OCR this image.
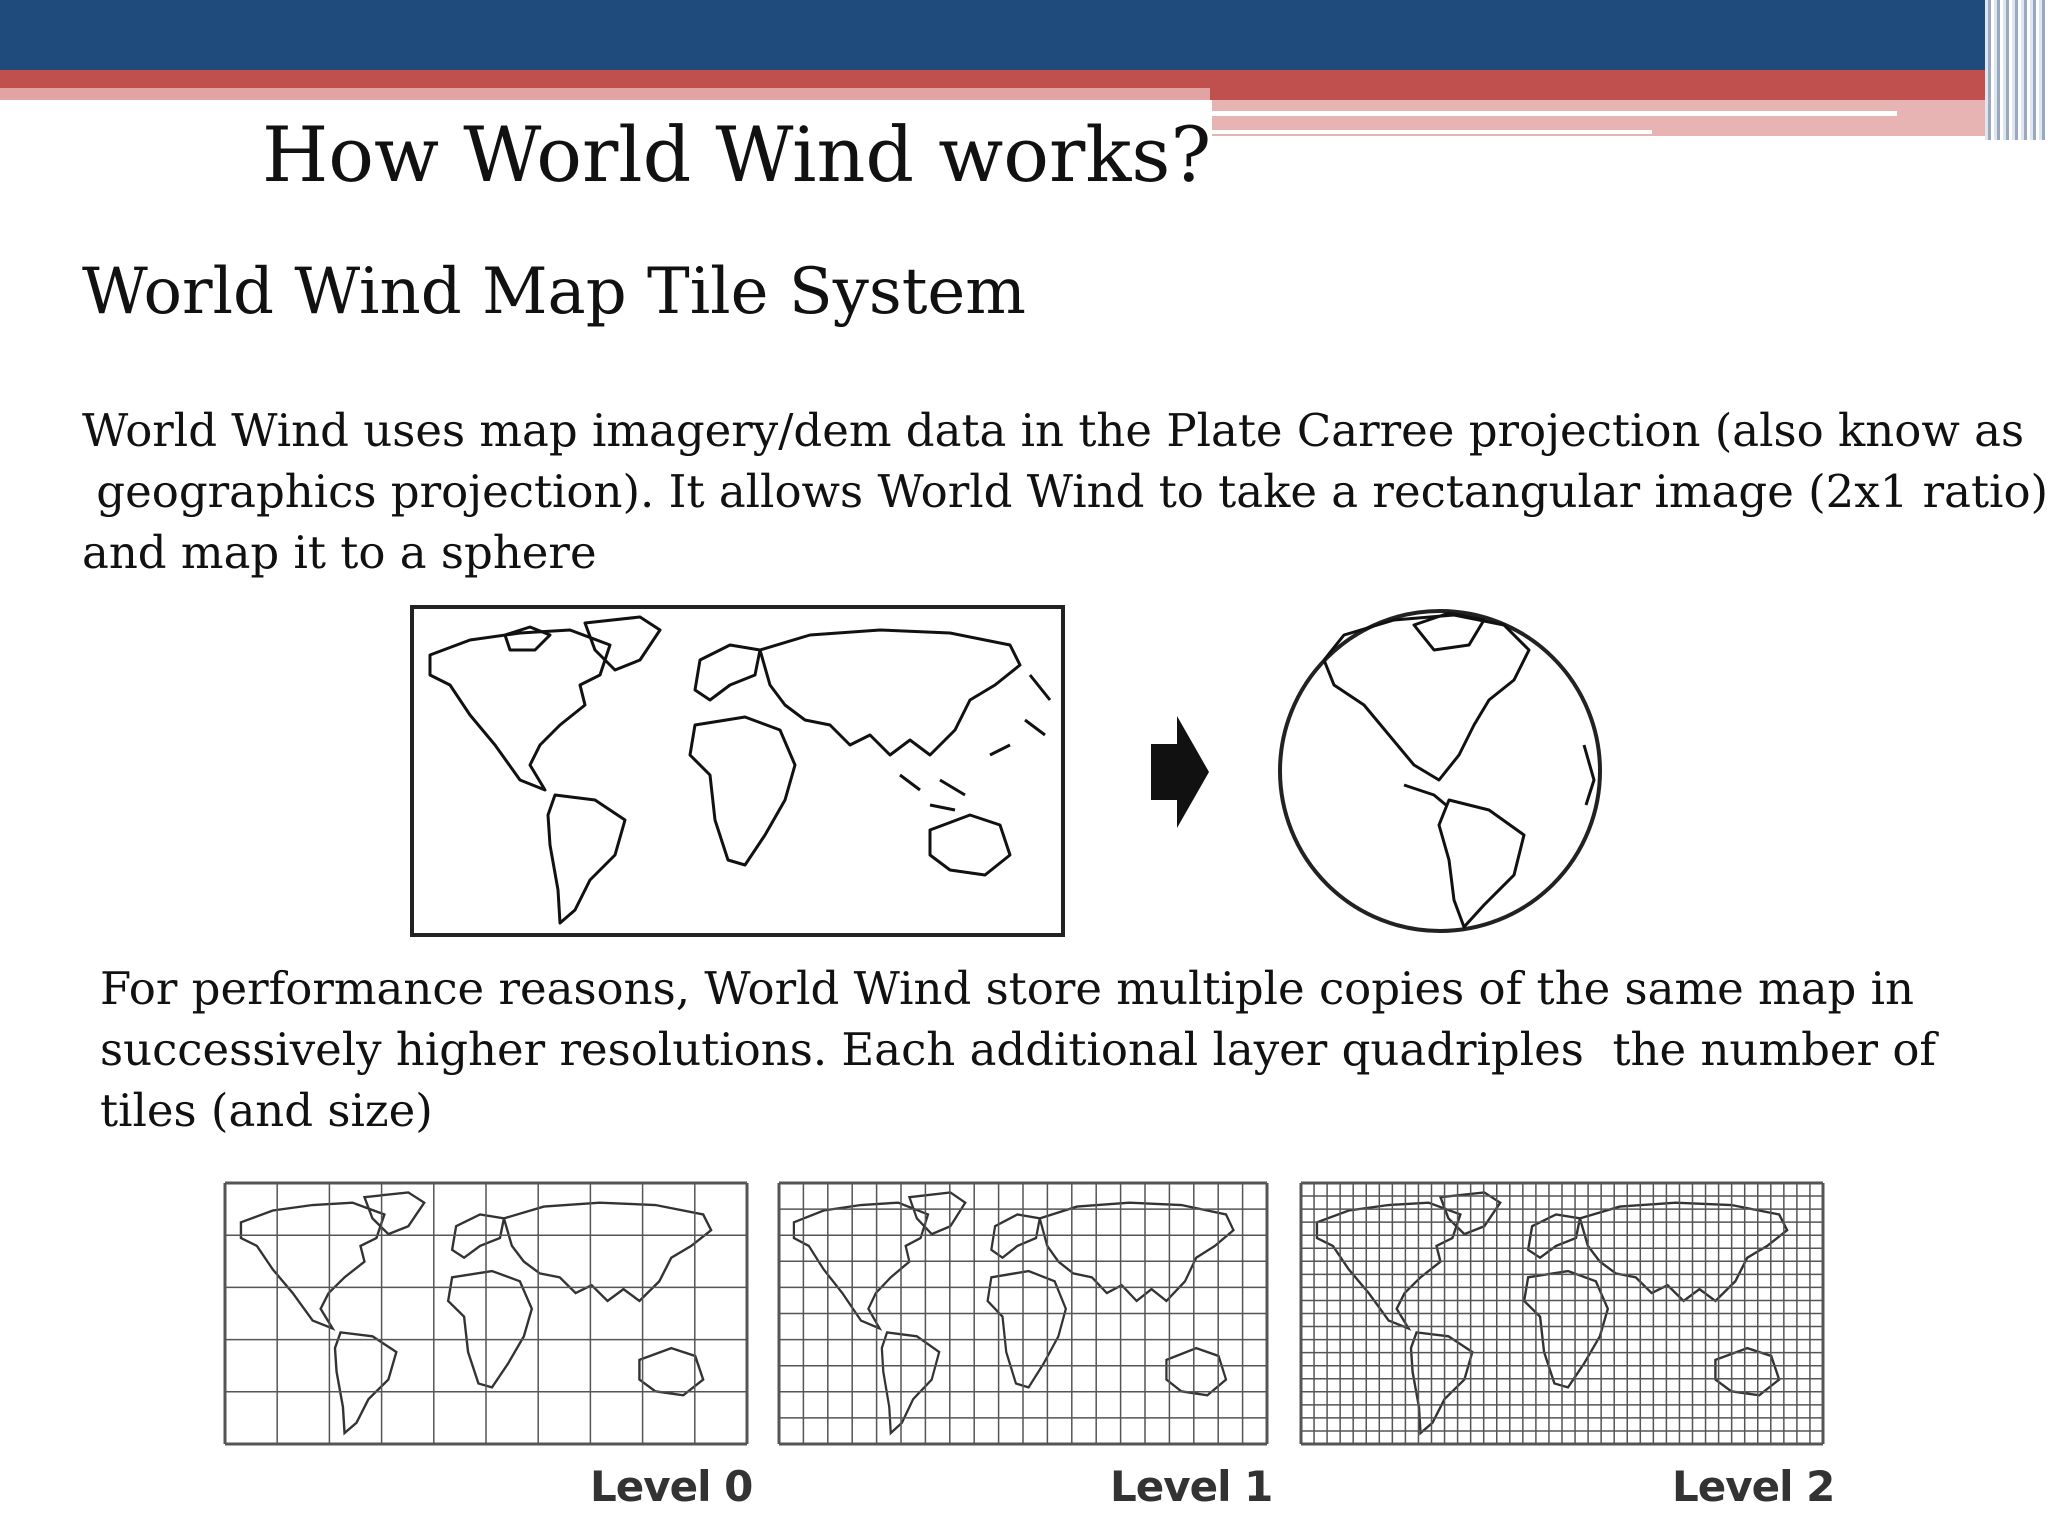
How World Wind works?
World Wind Map Tile System
World Wind uses map imagery/dem data in the Plate Carree projection (also know as
geographics projection). It allows World Wind to take a rectangular image (2x1 ratio)
and map it to a sphere
For performance reasons, World Wind store multiple copies of the same map in
successively higher resolutions. Each additional layer quadriples  the number of
tiles (and size)
Level 0	Level 1	Level 2
